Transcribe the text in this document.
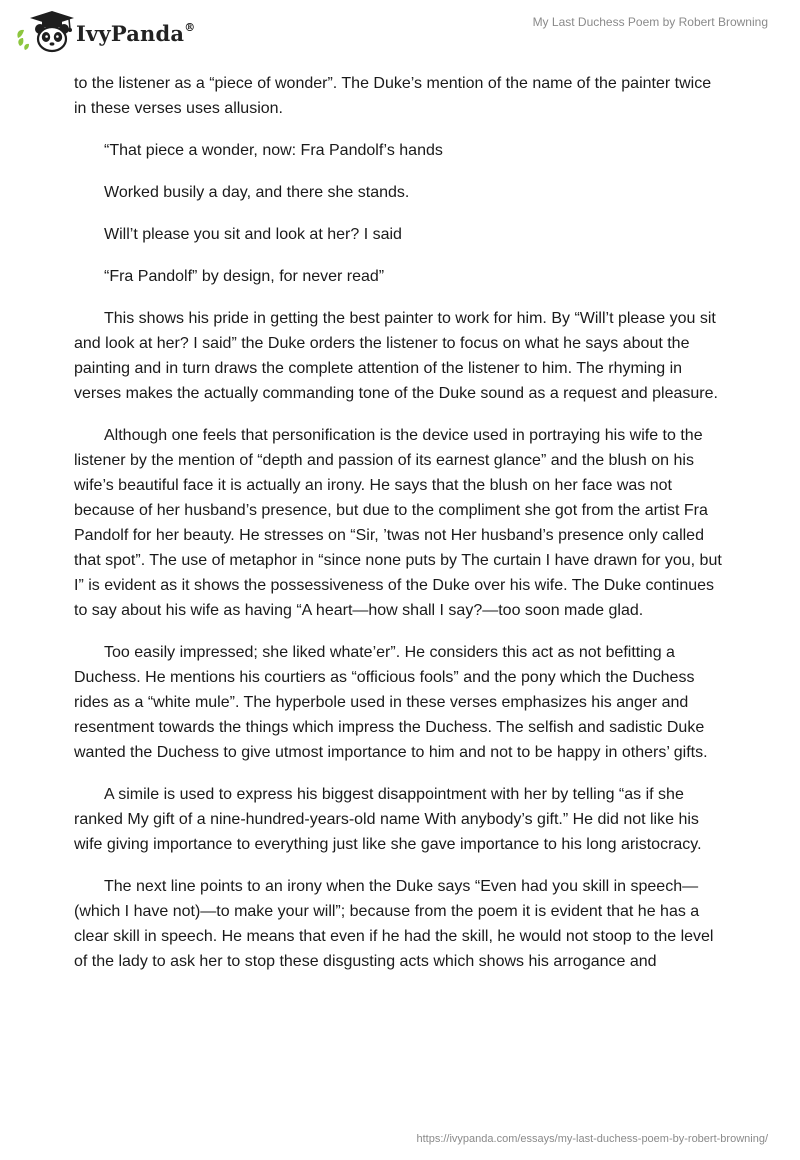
IvyPanda®	My Last Duchess Poem by Robert Browning

to the listener as a “piece of wonder”. The Duke’s mention of the name of the painter twice in these verses uses allusion.

“That piece a wonder, now: Fra Pandolf’s hands

Worked busily a day, and there she stands.

Will’t please you sit and look at her? I said

“Fra Pandolf” by design, for never read”

This shows his pride in getting the best painter to work for him. By “Will’t please you sit and look at her? I said” the Duke orders the listener to focus on what he says about the painting and in turn draws the complete attention of the listener to him. The rhyming in verses makes the actually commanding tone of the Duke sound as a request and pleasure.

Although one feels that personification is the device used in portraying his wife to the listener by the mention of “depth and passion of its earnest glance” and the blush on his wife’s beautiful face it is actually an irony. He says that the blush on her face was not because of her husband’s presence, but due to the compliment she got from the artist Fra Pandolf for her beauty. He stresses on “Sir, ’twas not Her husband’s presence only called that spot”. The use of metaphor in “since none puts by The curtain I have drawn for you, but I” is evident as it shows the possessiveness of the Duke over his wife. The Duke continues to say about his wife as having “A heart—how shall I say?—too soon made glad.

Too easily impressed; she liked whate’er”. He considers this act as not befitting a Duchess. He mentions his courtiers as “officious fools” and the pony which the Duchess rides as a “white mule”. The hyperbole used in these verses emphasizes his anger and resentment towards the things which impress the Duchess. The selfish and sadistic Duke wanted the Duchess to give utmost importance to him and not to be happy in others’ gifts.

A simile is used to express his biggest disappointment with her by telling “as if she ranked My gift of a nine-hundred-years-old name With anybody’s gift.” He did not like his wife giving importance to everything just like she gave importance to his long aristocracy.

The next line points to an irony when the Duke says “Even had you skill in speech—(which I have not)—to make your will”; because from the poem it is evident that he has a clear skill in speech. He means that even if he had the skill, he would not stoop to the level of the lady to ask her to stop these disgusting acts which shows his arrogance and

https://ivypanda.com/essays/my-last-duchess-poem-by-robert-browning/
